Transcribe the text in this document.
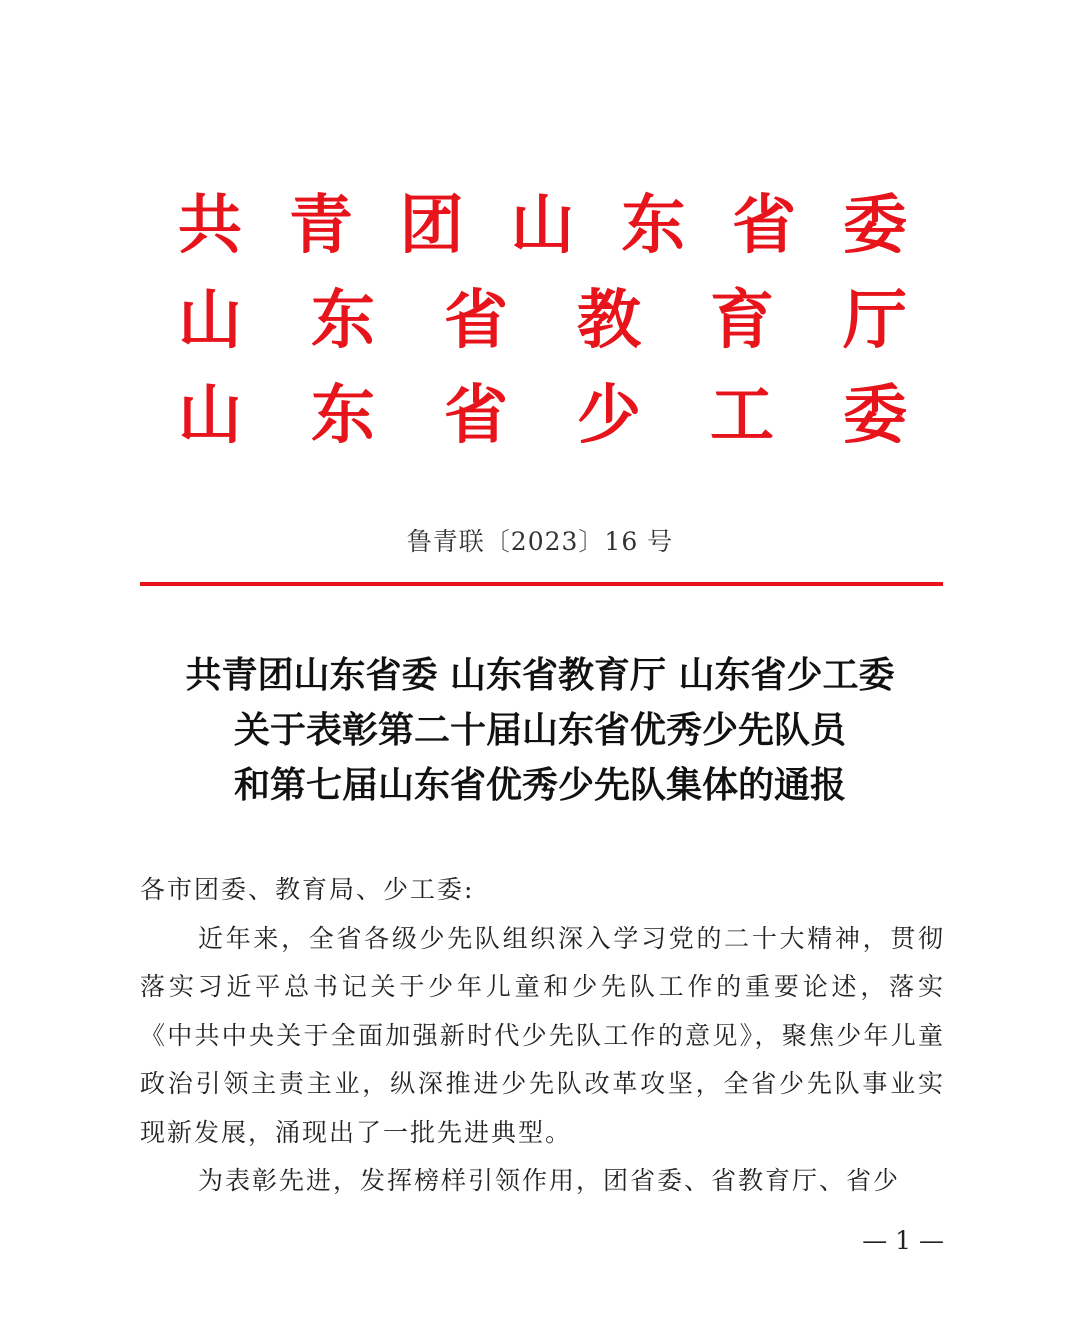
共 青 团 山 东 省 委
山 东 省 教 育 厅
山 东 省 少 工 委
鲁青联〔2023〕16 号
共青团山东省委 山东省教育厅 山东省少工委
关于表彰第二十届山东省优秀少先队员
和第七届山东省优秀少先队集体的通报

各市团委、教育局、少工委:

近年来，全省各级少先队组织深入学习党的二十大精神，贯彻落实习近平总书记关于少年儿童和少先队工作的重要论述，落实《中共中央关于全面加强新时代少先队工作的意见》，聚焦少年儿童政治引领主责主业，纵深推进少先队改革攻坚，全省少先队事业实现新发展，涌现出了一批先进典型。

为表彰先进，发挥榜样引领作用，团省委、省教育厅、省少

— 1 —
